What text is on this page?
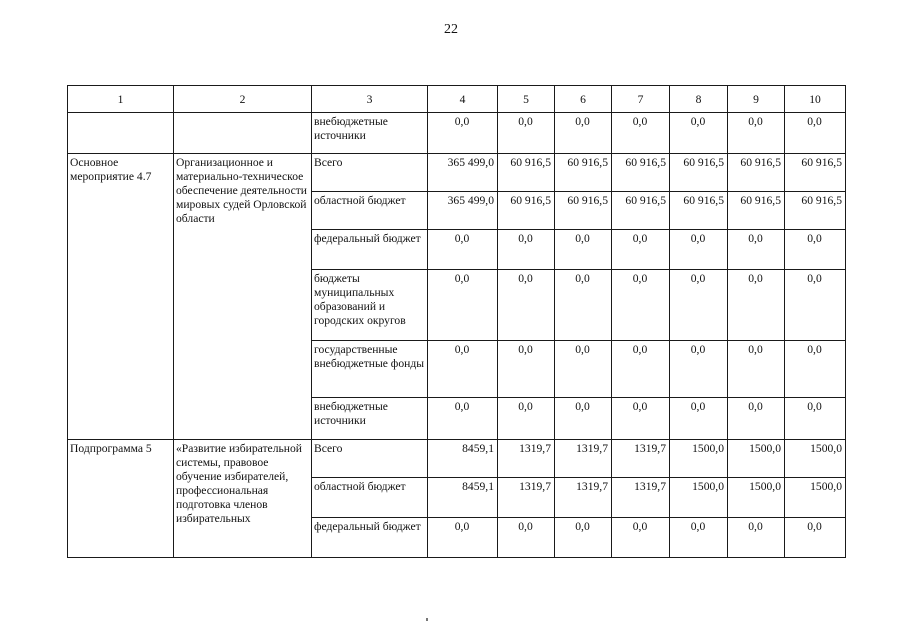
22
1	2	3	4	5	6	7	8	9	10
		внебюджетные источники	0,0	0,0	0,0	0,0	0,0	0,0	0,0
Основное мероприятие 4.7	Организационное и материально-техническое обеспечение деятельности мировых судей Орловской области	Всего	365 499,0	60 916,5	60 916,5	60 916,5	60 916,5	60 916,5	60 916,5
		областной бюджет	365 499,0	60 916,5	60 916,5	60 916,5	60 916,5	60 916,5	60 916,5
		федеральный бюджет	0,0	0,0	0,0	0,0	0,0	0,0	0,0
		бюджеты муниципальных образований и городских округов	0,0	0,0	0,0	0,0	0,0	0,0	0,0
		государственные внебюджетные фонды	0,0	0,0	0,0	0,0	0,0	0,0	0,0
		внебюджетные источники	0,0	0,0	0,0	0,0	0,0	0,0	0,0
Подпрограмма 5	«Развитие избирательной системы, правовое обучение избирателей, профессиональная подготовка членов избирательных	Всего	8459,1	1319,7	1319,7	1319,7	1500,0	1500,0	1500,0
		областной бюджет	8459,1	1319,7	1319,7	1319,7	1500,0	1500,0	1500,0
		федеральный бюджет	0,0	0,0	0,0	0,0	0,0	0,0	0,0
